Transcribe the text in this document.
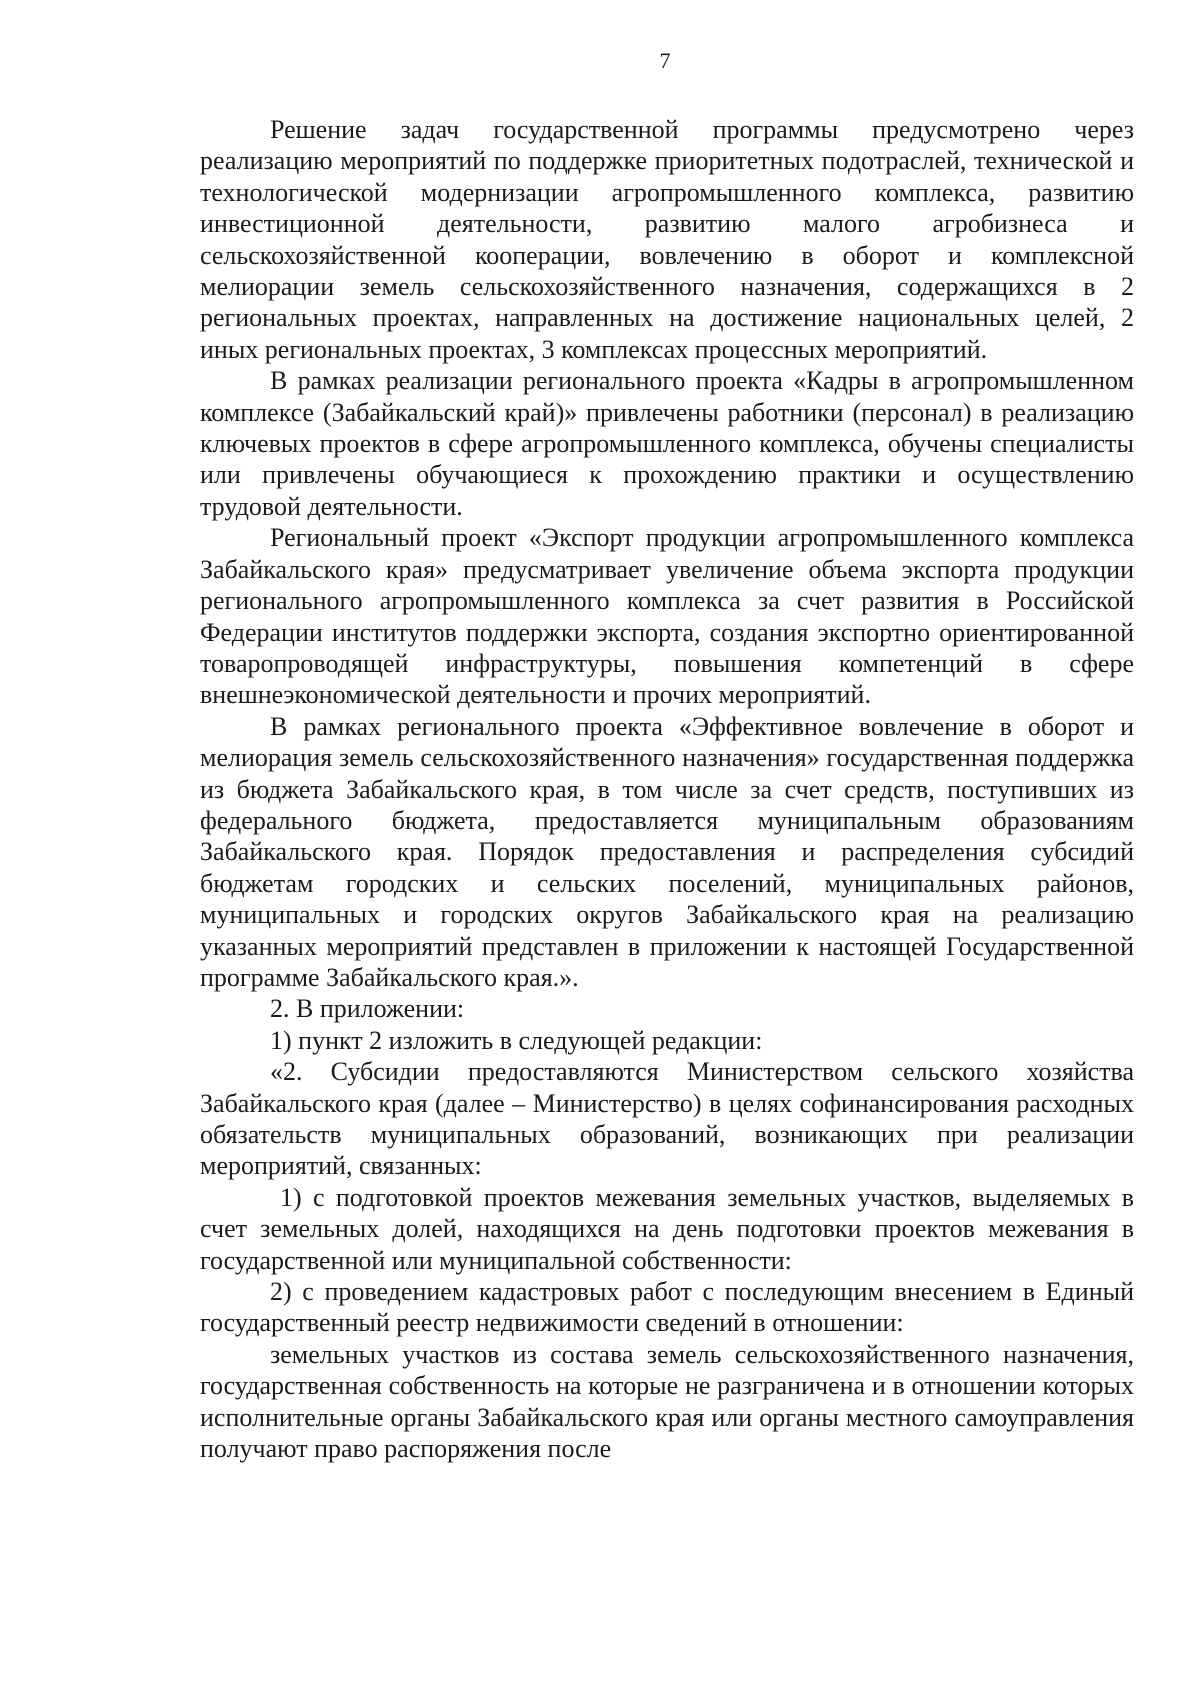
7

Решение задач государственной программы предусмотрено через реализацию мероприятий по поддержке приоритетных подотраслей, технической и технологической модернизации агропромышленного комплекса, развитию инвестиционной деятельности, развитию малого агробизнеса и сельскохозяйственной кооперации, вовлечению в оборот и комплексной мелиорации земель сельскохозяйственного назначения, содержащихся в 2 региональных проектах, направленных на достижение национальных целей, 2 иных региональных проектах, 3 комплексах процессных мероприятий.

В рамках реализации регионального проекта «Кадры в агропромышленном комплексе (Забайкальский край)» привлечены работники (персонал) в реализацию ключевых проектов в сфере агропромышленного комплекса, обучены специалисты или привлечены обучающиеся к прохождению практики и осуществлению трудовой деятельности.

Региональный проект «Экспорт продукции агропромышленного комплекса Забайкальского края» предусматривает увеличение объема экспорта продукции регионального агропромышленного комплекса за счет развития в Российской Федерации институтов поддержки экспорта, создания экспортно ориентированной товаропроводящей инфраструктуры, повышения компетенций в сфере внешнеэкономической деятельности и прочих мероприятий.

В рамках регионального проекта «Эффективное вовлечение в оборот и мелиорация земель сельскохозяйственного назначения» государственная поддержка из бюджета Забайкальского края, в том числе за счет средств, поступивших из федерального бюджета, предоставляется муниципальным образованиям Забайкальского края. Порядок предоставления и распределения субсидий бюджетам городских и сельских поселений, муниципальных районов, муниципальных и городских округов Забайкальского края на реализацию указанных мероприятий представлен в приложении к настоящей Государственной программе Забайкальского края.».

2. В приложении:

1) пункт 2 изложить в следующей редакции:

«2. Субсидии предоставляются Министерством сельского хозяйства Забайкальского края (далее – Министерство) в целях софинансирования расходных обязательств муниципальных образований, возникающих при реализации мероприятий, связанных:

1) с подготовкой проектов межевания земельных участков, выделяемых в счет земельных долей, находящихся на день подготовки проектов межевания в государственной или муниципальной собственности:

2) с проведением кадастровых работ с последующим внесением в Единый государственный реестр недвижимости сведений в отношении:

земельных участков из состава земель сельскохозяйственного назначения, государственная собственность на которые не разграничена и в отношении которых исполнительные органы Забайкальского края или органы местного самоуправления получают право распоряжения после
